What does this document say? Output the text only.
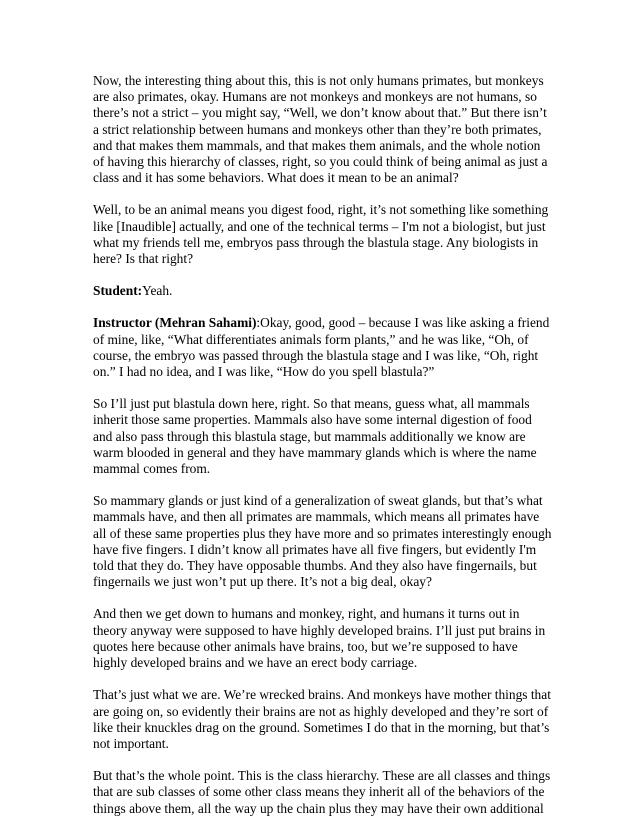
Now, the interesting thing about this, this is not only humans primates, but monkeys are also primates, okay. Humans are not monkeys and monkeys are not humans, so there’s not a strict – you might say, “Well, we don’t know about that.” But there isn’t a strict relationship between humans and monkeys other than they’re both primates, and that makes them mammals, and that makes them animals, and the whole notion of having this hierarchy of classes, right, so you could think of being animal as just a class and it has some behaviors. What does it mean to be an animal?

Well, to be an animal means you digest food, right, it’s not something like something like [Inaudible] actually, and one of the technical terms – I'm not a biologist, but just what my friends tell me, embryos pass through the blastula stage. Any biologists in here? Is that right?

Student:Yeah.

Instructor (Mehran Sahami):Okay, good, good – because I was like asking a friend of mine, like, “What differentiates animals form plants,” and he was like, “Oh, of course, the embryo was passed through the blastula stage and I was like, “Oh, right on.” I had no idea, and I was like, “How do you spell blastula?”

So I’ll just put blastula down here, right. So that means, guess what, all mammals inherit those same properties. Mammals also have some internal digestion of food and also pass through this blastula stage, but mammals additionally we know are warm blooded in general and they have mammary glands which is where the name mammal comes from.

So mammary glands or just kind of a generalization of sweat glands, but that’s what mammals have, and then all primates are mammals, which means all primates have all of these same properties plus they have more and so primates interestingly enough have five fingers. I didn’t know all primates have all five fingers, but evidently I'm told that they do. They have opposable thumbs. And they also have fingernails, but fingernails we just won’t put up there. It’s not a big deal, okay?

And then we get down to humans and monkey, right, and humans it turns out in theory anyway were supposed to have highly developed brains. I’ll just put brains in quotes here because other animals have brains, too, but we’re supposed to have highly developed brains and we have an erect body carriage.

That’s just what we are. We’re wrecked brains. And monkeys have mother things that are going on, so evidently their brains are not as highly developed and they’re sort of like their knuckles drag on the ground. Sometimes I do that in the morning, but that’s not important.

But that’s the whole point. This is the class hierarchy. These are all classes and things that are sub classes of some other class means they inherit all of the behaviors of the things above them, all the way up the chain plus they may have their own additional
